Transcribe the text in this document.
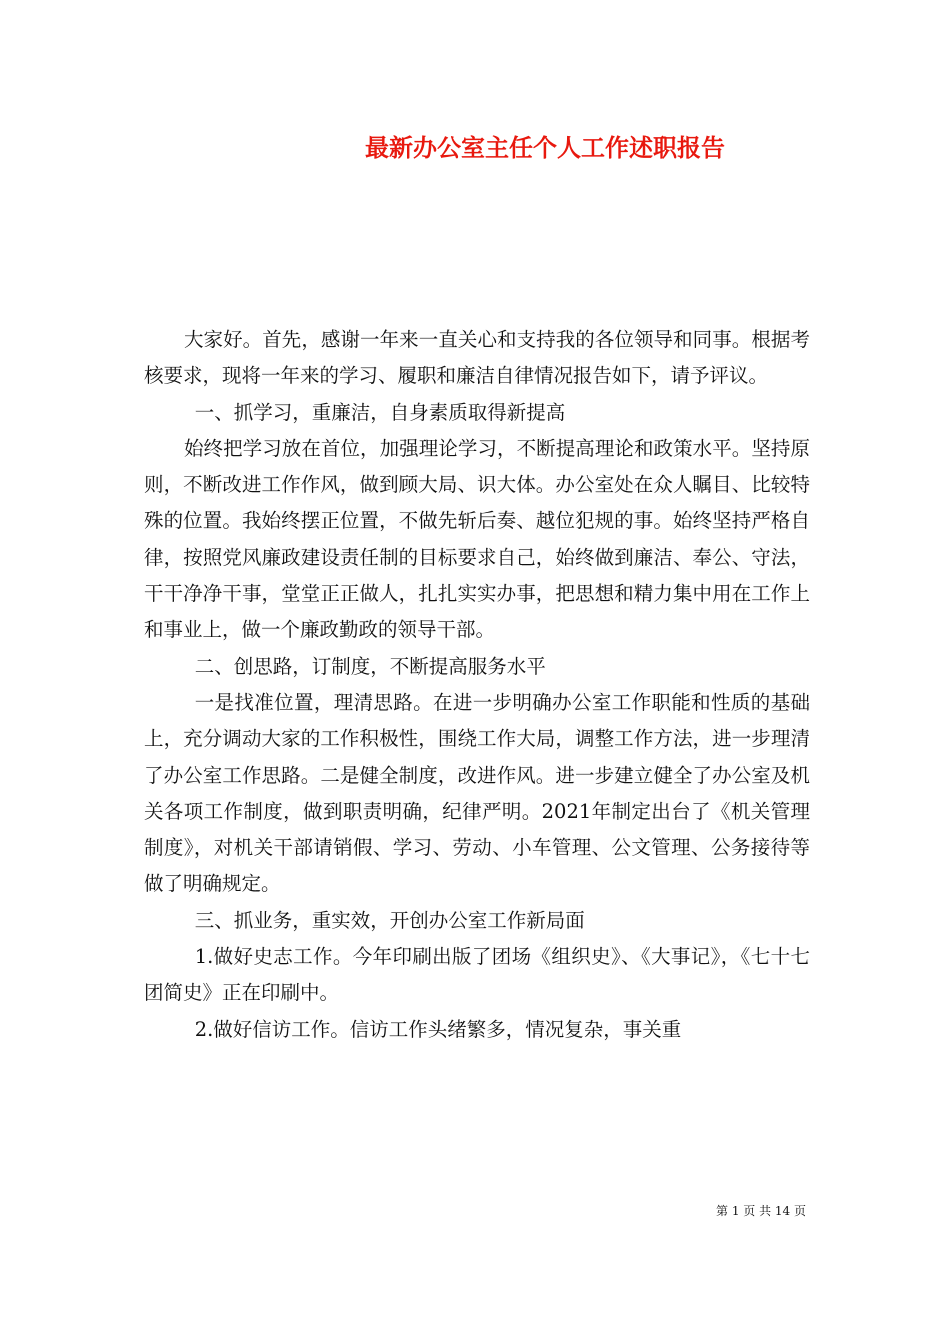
最新办公室主任个人工作述职报告

大家好。首先，感谢一年来一直关心和支持我的各位领导和同事。根据考核要求，现将一年来的学习、履职和廉洁自律情况报告如下，请予评议。

一、抓学习，重廉洁，自身素质取得新提高

始终把学习放在首位，加强理论学习，不断提高理论和政策水平。坚持原则，不断改进工作作风，做到顾大局、识大体。办公室处在众人瞩目、比较特殊的位置。我始终摆正位置，不做先斩后奏、越位犯规的事。始终坚持严格自律，按照党风廉政建设责任制的目标要求自己，始终做到廉洁、奉公、守法，干干净净干事，堂堂正正做人，扎扎实实办事，把思想和精力集中用在工作上和事业上，做一个廉政勤政的领导干部。

二、创思路，订制度，不断提高服务水平

一是找准位置，理清思路。在进一步明确办公室工作职能和性质的基础上，充分调动大家的工作积极性，围绕工作大局，调整工作方法，进一步理清了办公室工作思路。二是健全制度，改进作风。进一步建立健全了办公室及机关各项工作制度，做到职责明确，纪律严明。2021年制定出台了《机关管理制度》，对机关干部请销假、学习、劳动、小车管理、公文管理、公务接待等做了明确规定。

三、抓业务，重实效，开创办公室工作新局面

1.做好史志工作。今年印刷出版了团场《组织史》、《大事记》，《七十七团简史》正在印刷中。

2.做好信访工作。信访工作头绪繁多，情况复杂，事关重

第 1 页 共 14 页
